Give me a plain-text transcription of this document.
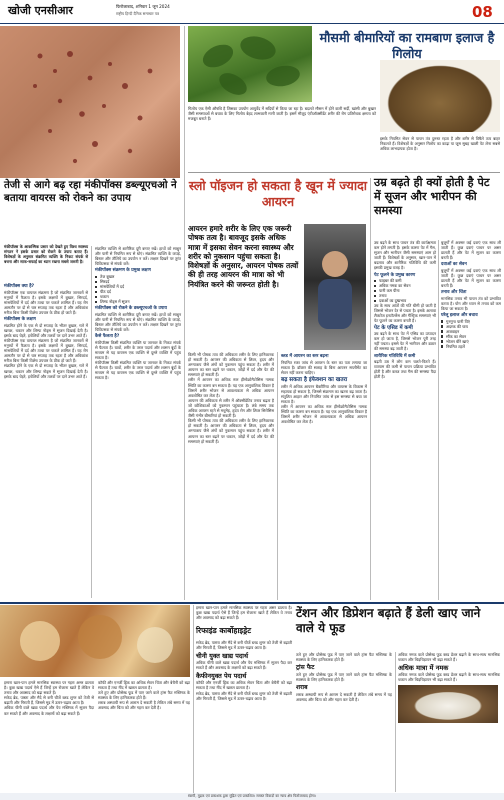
खोजी एनसीआर	फिरोजाबाद, शनिवार 1 जून 2024
राष्ट्रीय हिन्दी दैनिक समाचार पत्र	08
तेजी से आगे बढ़ रहा मंकीपॉक्स डब्ल्यूएचओ ने बताया वायरस को रोकने का उपाय
मंकीपॉक्स के आकस्मिक प्रसार को देखते हुए विश्व स्वास्थ्य संगठन ने इसके प्रसार को रोकने के उपाय बताए हैं। विशेषज्ञों के अनुसार संक्रमित व्यक्ति के निकट संपर्क से बचना और साफ-सफाई का ध्यान रखना सबसे जरूरी है।
मंकीपॉक्स क्या है?
मंकीपॉक्स एक वायरल संक्रमण है जो संक्रमित जानवरों से मनुष्यों में फैलता है। इसके लक्षणों में बुखार, सिरदर्द, मांसपेशियों में दर्द और त्वचा पर चकत्ते शामिल हैं। यह रोग आमतौर पर दो से चार सप्ताह तक रहता है और अधिकांश मरीज बिना किसी विशेष उपचार के ठीक हो जाते हैं।
मंकीपॉक्स के लक्षण
संक्रमित होने के एक से दो सप्ताह के भीतर बुखार, गले में खराश, थकान और लिम्फ नोड्स में सूजन दिखाई देती है। इसके बाद चेहरे, हथेलियों और तलवों पर दाने उभर आते हैं।
मंकीपॉक्स एक वायरल संक्रमण है जो संक्रमित जानवरों से मनुष्यों में फैलता है। इसके लक्षणों में बुखार, सिरदर्द, मांसपेशियों में दर्द और त्वचा पर चकत्ते शामिल हैं। यह रोग आमतौर पर दो से चार सप्ताह तक रहता है और अधिकांश मरीज बिना किसी विशेष उपचार के ठीक हो जाते हैं।
संक्रमित होने के एक से दो सप्ताह के भीतर बुखार, गले में खराश, थकान और लिम्फ नोड्स में सूजन दिखाई देती है। इसके बाद चेहरे, हथेलियों और तलवों पर दाने उभर आते हैं।
संक्रमित व्यक्ति से शारीरिक दूरी बनाए रखें। हाथों को साबुन और पानी से नियमित रूप से धोएं। संक्रमित व्यक्ति के कपड़े, बिस्तर और तौलिये का उपयोग न करें। लक्षण दिखने पर तुरंत चिकित्सक से संपर्क करें।
मंकीपॉक्स संक्रमण के प्रमुख लक्षण
तेज बुखार
सिरदर्द
मांसपेशियों में दर्द
पीठ दर्द
थकान
लिम्फ नोड्स में सूजन
मंकीपॉक्स को रोकने के डब्ल्यूएचओ के उपाय
संक्रमित व्यक्ति से शारीरिक दूरी बनाए रखें। हाथों को साबुन और पानी से नियमित रूप से धोएं। संक्रमित व्यक्ति के कपड़े, बिस्तर और तौलिये का उपयोग न करें। लक्षण दिखने पर तुरंत चिकित्सक से संपर्क करें।
कैसे फैलता है?
मंकीपॉक्स किसी संक्रमित व्यक्ति या जानवर के निकट संपर्क से फैलता है। घावों, शरीर के तरल पदार्थ और श्वसन बूंदों के माध्यम से यह वायरस एक व्यक्ति से दूसरे व्यक्ति में पहुंच सकता है।
मंकीपॉक्स किसी संक्रमित व्यक्ति या जानवर के निकट संपर्क से फैलता है। घावों, शरीर के तरल पदार्थ और श्वसन बूंदों के माध्यम से यह वायरस एक व्यक्ति से दूसरे व्यक्ति में पहुंच सकता है।
मौसमी बीमारियों का रामबाण इलाज है गिलोय
गिलोय एक ऐसी औषधि है जिसका उपयोग आयुर्वेद में सदियों से किया जा रहा है। बदलते मौसम में होने वाली सर्दी, खांसी और बुखार जैसी समस्याओं से बचाव के लिए गिलोय बेहद लाभकारी मानी जाती है। इसमें मौजूद एंटीऑक्सीडेंट शरीर की रोग प्रतिरोधक क्षमता को मजबूत बनाते हैं।
इसके नियमित सेवन से पाचन तंत्र दुरुस्त रहता है और शरीर से विषैले तत्व बाहर निकलते हैं। विशेषज्ञों के अनुसार गिलोय का काढ़ा या जूस सुबह खाली पेट लेना सबसे अधिक लाभदायक होता है।
स्लो पॉइजन हो सकता है खून में ज्यादा आयरन
आयरन हमारे शरीर के लिए एक जरूरी पोषक तत्व है। बावजूद इसके अधिक मात्रा में इसका सेवन करना स्वास्थ्य और शरीर को नुकसान पहुंचा सकता है। विशेषज्ञों के अनुसार, आयरन पोषक तत्वों की ही तरह आयरन की मात्रा को भी नियंत्रित करने की जरूरत होती है।
किसी भी पोषक तत्व की अधिकता शरीर के लिए हानिकारक हो सकती है। आयरन की अधिकता से लिवर, हृदय और अग्न्याशय जैसे अंगों को नुकसान पहुंच सकता है। शरीर में आयरन का स्तर बढ़ने पर थकान, जोड़ों में दर्द और पेट की समस्याएं हो सकती हैं।
शरीर में आयरन का अधिक स्तर हीमोक्रोमैटोसिस नामक स्थिति का कारण बन सकता है। यह एक आनुवांशिक विकार है जिसमें शरीर भोजन से आवश्यकता से अधिक आयरन अवशोषित कर लेता है।
आयरन की अधिकता से शरीर में ऑक्सीडेटिव तनाव बढ़ता है जो कोशिकाओं को नुकसान पहुंचाता है। लंबे समय तक अधिक आयरन रहने से मधुमेह, हृदय रोग और लिवर सिरोसिस जैसी गंभीर बीमारियां हो सकती हैं।
किसी भी पोषक तत्व की अधिकता शरीर के लिए हानिकारक हो सकती है। आयरन की अधिकता से लिवर, हृदय और अग्न्याशय जैसे अंगों को नुकसान पहुंच सकता है। शरीर में आयरन का स्तर बढ़ने पर थकान, जोड़ों में दर्द और पेट की समस्याएं हो सकती हैं।
ब्लड में आयरन का स्तर बढ़ना
नियमित रक्त जांच से आयरन के स्तर का पता लगाया जा सकता है। डॉक्टर की सलाह के बिना आयरन सप्लीमेंट का सेवन नहीं करना चाहिए।
बढ़ सकता है इंफेक्शन का खतरा
शरीर में अधिक आयरन बैक्टीरिया और वायरस के विकास में सहायक हो सकता है, जिससे संक्रमण का खतरा बढ़ जाता है। संतुलित आहार और नियमित जांच से इस समस्या से बचा जा सकता है।
शरीर में आयरन का अधिक स्तर हीमोक्रोमैटोसिस नामक स्थिति का कारण बन सकता है। यह एक आनुवांशिक विकार है जिसमें शरीर भोजन से आवश्यकता से अधिक आयरन अवशोषित कर लेता है।
उम्र बढ़ते ही क्यों होती है पेट में सूजन और भारीपन की समस्या
उम्र बढ़ने के साथ पाचन तंत्र की कार्यक्षमता कम होने लगती है। इसके कारण पेट में गैस, सूजन और भारीपन जैसी समस्याएं आम हो जाती हैं। विशेषज्ञों के अनुसार, खान-पान में बदलाव और शारीरिक गतिविधि की कमी इसकी प्रमुख वजह है।
पेट फूलने के प्रमुख कारण
फाइबर की कमी
अधिक नमक का सेवन
पानी कम पीना
तनाव
दवाओं का दुष्प्रभाव
उम्र के साथ आंतों की गति धीमी हो जाती है जिससे भोजन देर से पचता है। इसके अलावा लैक्टोज इनटॉलरेंस और गैस्ट्रिक समस्याएं भी पेट फूलने का कारण बनती हैं।
पेट के एसिड में कमी
उम्र बढ़ने के साथ पेट में एसिड का उत्पादन कम हो जाता है, जिससे भोजन पूरी तरह नहीं पचता। इससे पेट में भारीपन और डकार की समस्या बढ़ जाती है।
शारीरिक गतिविधि में कमी
बढ़ती उम्र में लोग कम चलते-फिरते हैं। व्यायाम की कमी से पाचन प्रक्रिया प्रभावित होती है और कब्ज तथा गैस की समस्या पैदा होती है।
बुजुर्गों में अक्सर कई दवाएं एक साथ ली जाती हैं। कुछ दवाएं पाचन पर असर डालती हैं और पेट में सूजन का कारण बनती हैं।
दवाओं का सेवन
बुजुर्गों में अक्सर कई दवाएं एक साथ ली जाती हैं। कुछ दवाएं पाचन पर असर डालती हैं और पेट में सूजन का कारण बनती हैं।
तनाव और चिंता
मानसिक तनाव भी पाचन तंत्र को प्रभावित करता है। योग और ध्यान से तनाव को कम किया जा सकता है।
घरेलू इलाज और बचाव
गुनगुना पानी पिएं
अदरक की चाय
अजवाइन
सौंफ का सेवन
भोजन धीरे खाएं
नियमित टहलें
हमारा खान-पान हमारे मानसिक स्वास्थ्य पर गहरा असर डालता है। कुछ खाद्य पदार्थ ऐसे हैं जिन्हें हम रोजाना खाते हैं लेकिन वे तनाव और अवसाद को बढ़ा सकते हैं।
सफेद ब्रेड, पास्ता और मैदे से बनी चीजें ब्लड शुगर को तेजी से बढ़ाती और गिराती हैं, जिससे मूड में उतार-चढ़ाव आता है।
अधिक चीनी वाले खाद्य पदार्थ और पेय मस्तिष्क में सूजन पैदा कर सकते हैं और अवसाद के लक्षणों को बढ़ा सकते हैं।
कॉफी और एनर्जी ड्रिंक का अधिक सेवन चिंता और बेचैनी को बढ़ा सकता है तथा नींद में खलल डालता है।
तले हुए और प्रोसेस्ड फूड में पाए जाने वाले ट्रांस फैट मस्तिष्क के स्वास्थ्य के लिए हानिकारक होते हैं।
शराब अस्थायी रूप से आराम दे सकती है लेकिन लंबे समय में यह अवसाद और चिंता को और गहरा कर देती है।
हमारा खान-पान हमारे मानसिक स्वास्थ्य पर गहरा असर डालता है। कुछ खाद्य पदार्थ ऐसे हैं जिन्हें हम रोजाना खाते हैं लेकिन वे तनाव और अवसाद को बढ़ा सकते हैं।
रिफाइंड कार्बोहाइड्रेट
सफेद ब्रेड, पास्ता और मैदे से बनी चीजें ब्लड शुगर को तेजी से बढ़ाती और गिराती हैं, जिससे मूड में उतार-चढ़ाव आता है।
चीनी युक्त खाद्य पदार्थ
अधिक चीनी वाले खाद्य पदार्थ और पेय मस्तिष्क में सूजन पैदा कर सकते हैं और अवसाद के लक्षणों को बढ़ा सकते हैं।
कैफीनयुक्त पेय पदार्थ
कॉफी और एनर्जी ड्रिंक का अधिक सेवन चिंता और बेचैनी को बढ़ा सकता है तथा नींद में खलल डालता है।
सफेद ब्रेड, पास्ता और मैदे से बनी चीजें ब्लड शुगर को तेजी से बढ़ाती और गिराती हैं, जिससे मूड में उतार-चढ़ाव आता है।
टेंशन और डिप्रेशन बढ़ाते हैं डेली खाए जाने वाले ये फूड
तले हुए और प्रोसेस्ड फूड में पाए जाने वाले ट्रांस फैट मस्तिष्क के स्वास्थ्य के लिए हानिकारक होते हैं।
ट्रांस फैट
तले हुए और प्रोसेस्ड फूड में पाए जाने वाले ट्रांस फैट मस्तिष्क के स्वास्थ्य के लिए हानिकारक होते हैं।
शराब
शराब अस्थायी रूप से आराम दे सकती है लेकिन लंबे समय में यह अवसाद और चिंता को और गहरा कर देती है।
अधिक नमक वाले प्रोसेस्ड फूड ब्लड प्रेशर बढ़ाने के साथ-साथ मानसिक थकान और चिड़चिड़ापन भी बढ़ा सकते हैं।
अधिक मात्रा में नमक
अधिक नमक वाले प्रोसेस्ड फूड ब्लड प्रेशर बढ़ाने के साथ-साथ मानसिक थकान और चिड़चिड़ापन भी बढ़ा सकते हैं।
स्वामी, मुद्रक एवं प्रकाशक द्वारा मुद्रित एवं प्रकाशित। समस्त विवादों का न्याय क्षेत्र फिरोजाबाद होगा।
